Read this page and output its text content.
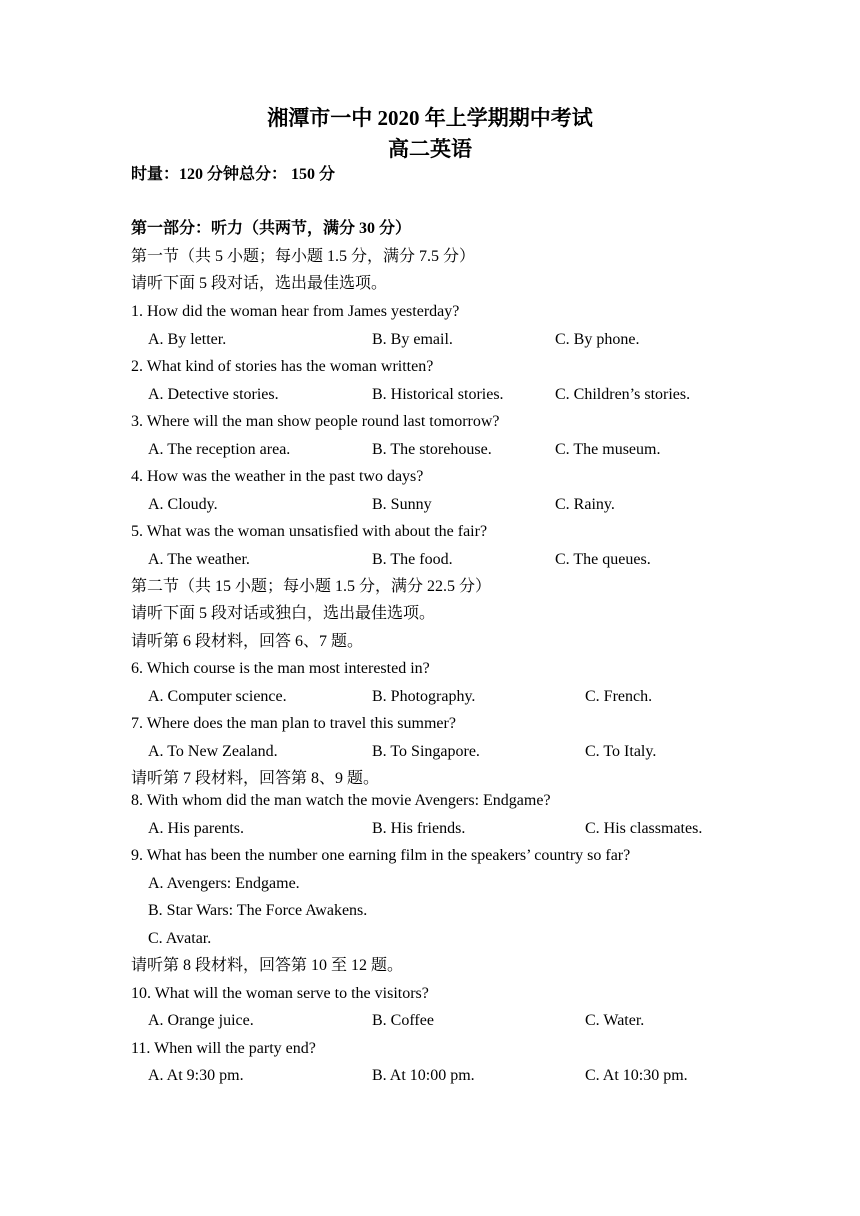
湘潭市一中 2020 年上学期期中考试
高二英语
时量：120 分钟总分： 150 分
第一部分：听力（共两节，满分 30 分）
第一节（共 5 小题；每小题 1.5 分，满分 7.5 分）
请听下面 5 段对话，选出最佳选项。
1. How did the woman hear from James yesterday?
A. By letter.	B. By email.	C. By phone.
2. What kind of stories has the woman written?
A. Detective stories.	B. Historical stories.	C. Children’s stories.
3. Where will the man show people round last tomorrow?
A. The reception area.	B. The storehouse.	C. The museum.
4. How was the weather in the past two days?
A. Cloudy.	B. Sunny	C. Rainy.
5. What was the woman unsatisfied with about the fair?
A. The weather.	B. The food.	C. The queues.
第二节（共 15 小题；每小题 1.5 分，满分 22.5 分）
请听下面 5 段对话或独白，选出最佳选项。
请听第 6 段材料，回答 6、7 题。
6. Which course is the man most interested in?
A. Computer science.	B. Photography.	C. French.
7. Where does the man plan to travel this summer?
A. To New Zealand.	B. To Singapore.	C. To Italy.
请听第 7 段材料，回答第 8、9 题。
8. With whom did the man watch the movie Avengers: Endgame?
A. His parents.	B. His friends.	C. His classmates.
9. What has been the number one earning film in the speakers’ country so far?
A. Avengers: Endgame.
B. Star Wars: The Force Awakens.
C. Avatar.
请听第 8 段材料，回答第 10 至 12 题。
10. What will the woman serve to the visitors?
A. Orange juice.	B. Coffee	C. Water.
11. When will the party end?
A. At 9:30 pm.	B. At 10:00 pm.	C. At 10:30 pm.
